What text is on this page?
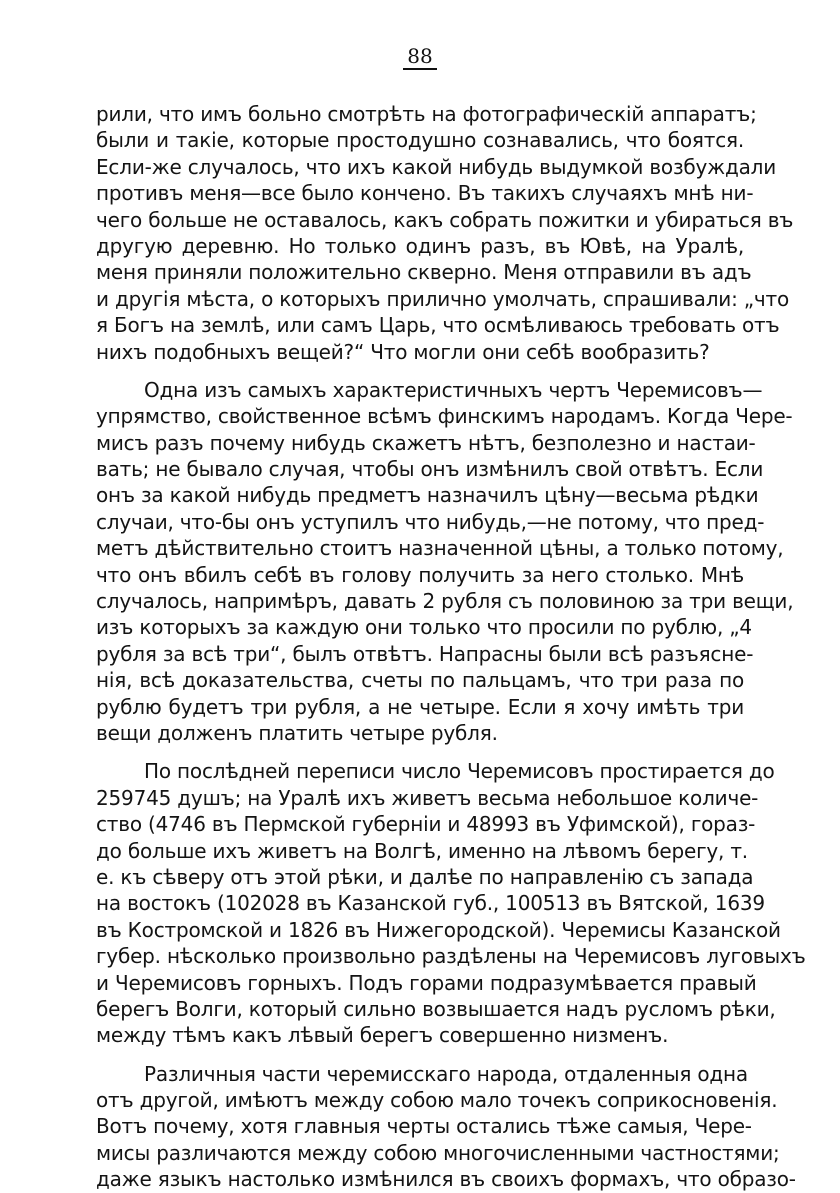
88
рили, что имъ больно смотрѣть на фотографическій аппаратъ;
были и такіе, которые простодушно сознавались, что боятся.
Если-же случалось, что ихъ какой нибудь выдумкой возбуждали
противъ меня—все было кончено. Въ такихъ случаяхъ мнѣ ни-
чего больше не оставалось, какъ собрать пожитки и убираться въ
другую деревню. Но только одинъ разъ, въ Ювѣ, на Уралѣ,
меня приняли положительно скверно. Меня отправили въ адъ
и другія мѣста, о которыхъ прилично умолчать, спрашивали: „что
я Богъ на землѣ, или самъ Царь, что осмѣливаюсь требовать отъ
нихъ подобныхъ вещей?“ Что могли они себѣ вообразить?
Одна изъ самыхъ характеристичныхъ чертъ Черемисовъ—
упрямство, свойственное всѣмъ финскимъ народамъ. Когда Чере-
мисъ разъ почему нибудь скажетъ нѣтъ, безполезно и настаи-
вать; не бывало случая, чтобы онъ измѣнилъ свой отвѣтъ. Если
онъ за какой нибудь предметъ назначилъ цѣну—весьма рѣдки
случаи, что-бы онъ уступилъ что нибудь,—не потому, что пред-
метъ дѣйствительно стоитъ назначенной цѣны, а только потому,
что онъ вбилъ себѣ въ голову получить за него столько. Мнѣ
случалось, напримѣръ, давать 2 рубля съ половиною за три вещи,
изъ которыхъ за каждую они только что просили по рублю, „4
рубля за всѣ три“, былъ отвѣтъ. Напрасны были всѣ разъясне-
нія, всѣ доказательства, счеты по пальцамъ, что три раза по
рублю будетъ три рубля, а не четыре. Если я хочу имѣть три
вещи долженъ платить четыре рубля.
По послѣдней переписи число Черемисовъ простирается до
259745 душъ; на Уралѣ ихъ живетъ весьма небольшое количе-
ство (4746 въ Пермской губерніи и 48993 въ Уфимской), гораз-
до больше ихъ живетъ на Волгѣ, именно на лѣвомъ берегу, т.
е. къ сѣверу отъ этой рѣки, и далѣе по направленію съ запада
на востокъ (102028 въ Казанской губ., 100513 въ Вятской, 1639
въ Костромской и 1826 въ Нижегородской). Черемисы Казанской
губер. нѣсколько произвольно раздѣлены на Черемисовъ луговыхъ
и Черемисовъ горныхъ. Подъ горами подразумѣвается правый
берегъ Волги, который сильно возвышается надъ русломъ рѣки,
между тѣмъ какъ лѣвый берегъ совершенно низменъ.
Различныя части черемисскаго народа, отдаленныя одна
отъ другой, имѣютъ между собою мало точекъ соприкосновенія.
Вотъ почему, хотя главныя черты остались тѣже самыя, Чере-
мисы различаются между собою многочисленными частностями;
даже языкъ настолько измѣнился въ своихъ формахъ, что образо-
